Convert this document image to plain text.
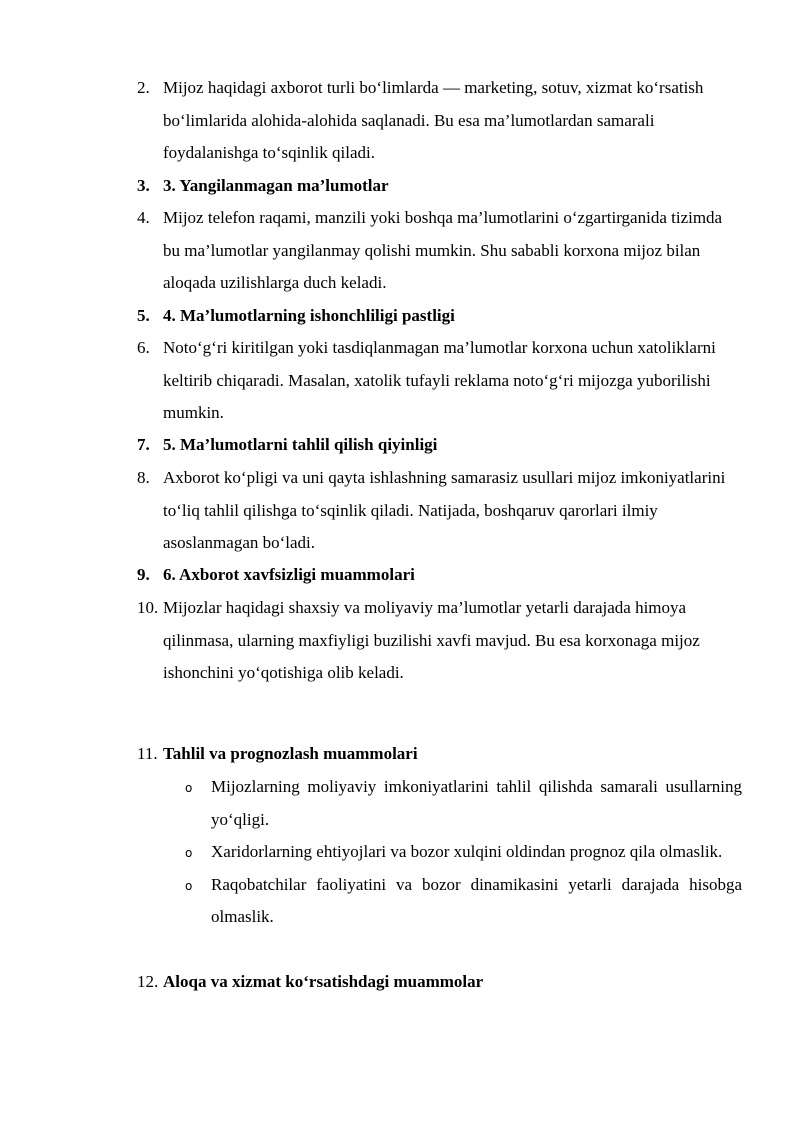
2. Mijoz haqidagi axborot turli bo‘limlarda — marketing, sotuv, xizmat ko‘rsatish bo‘limlarida alohida-alohida saqlanadi. Bu esa ma’lumotlardan samarali foydalanishga to‘sqinlik qiladi.
3. 3. Yangilanmagan ma’lumotlar
4. Mijoz telefon raqami, manzili yoki boshqa ma’lumotlarini o‘zgartirganida tizimda bu ma’lumotlar yangilanmay qolishi mumkin. Shu sababli korxona mijoz bilan aloqada uzilishlarga duch keladi.
5. 4. Ma’lumotlarning ishonchliligi pastligi
6. Noto‘g‘ri kiritilgan yoki tasdiqlanmagan ma’lumotlar korxona uchun xatoliklarni keltirib chiqaradi. Masalan, xatolik tufayli reklama noto‘g‘ri mijozga yuborilishi mumkin.
7. 5. Ma’lumotlarni tahlil qilish qiyinligi
8. Axborot ko‘pligi va uni qayta ishlashning samarasiz usullari mijoz imkoniyatlarini to‘liq tahlil qilishga to‘sqinlik qiladi. Natijada, boshqaruv qarorlari ilmiy asoslanmagan bo‘ladi.
9. 6. Axborot xavfsizligi muammolari
10. Mijozlar haqidagi shaxsiy va moliyaviy ma’lumotlar yetarli darajada himoya qilinmasa, ularning maxfiyligi buzilishi xavfi mavjud. Bu esa korxonaga mijoz ishonchini yo‘qotishiga olib keladi.
11. Tahlil va prognozlash muammolari
o Mijozlarning moliyaviy imkoniyatlarini tahlil qilishda samarali usullarning yo‘qligi.
o Xaridorlarning ehtiyojlari va bozor xulqini oldindan prognoz qila olmaslik.
o Raqobatchilar faoliyatini va bozor dinamikasini yetarli darajada hisobga olmaslik.
12. Aloqa va xizmat ko‘rsatishdagi muammolar
